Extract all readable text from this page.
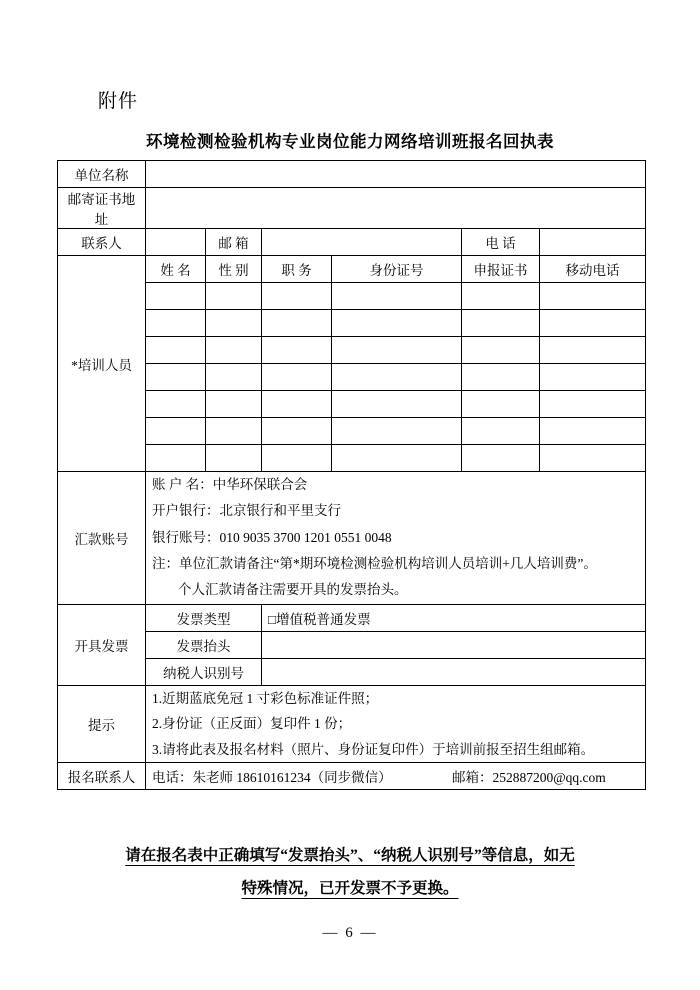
附件
环境检测检验机构专业岗位能力网络培训班报名回执表
单位名称						
邮寄证书地址						
联系人		邮 箱			电 话	
*培训人员	姓 名	性 别	职 务	身份证号	申报证书	移动电话

汇款账号	账 户 名：中华环保联合会
开户银行：北京银行和平里支行
银行账号：010 9035 3700 1201 0551 0048
注：单位汇款请备注“第*期环境检测检验机构培训人员培训+几人培训费”。
个人汇款请备注需要开具的发票抬头。					

开具发票	发票类型		□增值税普通发票			
	发票抬头					
	纳税人识别号					
提示	1.近期蓝底免冠 1 寸彩色标准证件照；
2.身份证（正反面）复印件 1 份；
3.请将此表及报名材料（照片、身份证复印件）于培训前报至招生组邮箱。					

报名联系人	电话：朱老师 18610161234（同步微信） 邮箱：252887200@qq.com					
请在报名表中正确填写“发票抬头”、“纳税人识别号”等信息，如无
特殊情况，已开发票不予更换。
— 6 —
